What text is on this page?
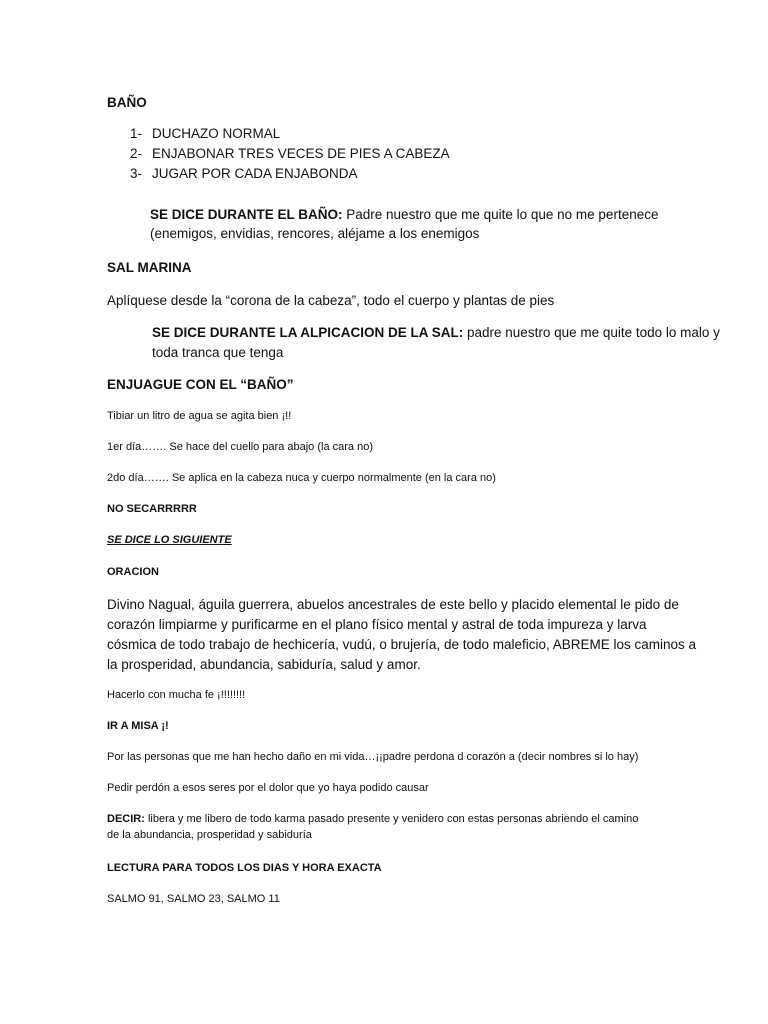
BAÑO
1- DUCHAZO NORMAL
2- ENJABONAR TRES VECES DE PIES A CABEZA
3- JUGAR POR CADA ENJABONDA
SE DICE DURANTE EL BAÑO: Padre nuestro que me quite lo que no me pertenece
(enemigos, envidias, rencores, aléjame a los enemigos
SAL MARINA
Aplíquese desde la “corona de la cabeza”, todo el cuerpo y plantas de pies
SE DICE DURANTE LA ALPICACION DE LA SAL: padre nuestro que me quite todo lo malo y
toda tranca que tenga
ENJUAGUE CON EL “BAÑO”
Tibiar un litro de agua se agita bien ¡!!
1er día……. Se hace del cuello para abajo (la cara no)
2do día……. Se aplica en la cabeza nuca y cuerpo normalmente (en la cara no)
NO SECARRRRR
SE DICE LO SIGUIENTE
ORACION
Divino Nagual, águila guerrera, abuelos ancestrales de este bello y placido elemental le pido de
corazón limpiarme y purificarme en el plano físico mental y astral de toda impureza y larva
cósmica de todo trabajo de hechicería, vudú, o brujería, de todo maleficio, ABREME los caminos a
la prosperidad, abundancia, sabiduría, salud y amor.
Hacerlo con mucha fe ¡!!!!!!!!
IR A MISA ¡!
Por las personas que me han hecho daño en mi vida…¡¡padre perdona d corazón a (decir nombres si lo hay)
Pedir perdón a esos seres por el dolor que yo haya podido causar
DECIR: libera y me libero de todo karma pasado presente y venidero con estas personas abriendo el camino
de la abundancia, prosperidad y sabiduría
LECTURA PARA TODOS LOS DIAS Y HORA EXACTA
SALMO 91, SALMO 23, SALMO 11
